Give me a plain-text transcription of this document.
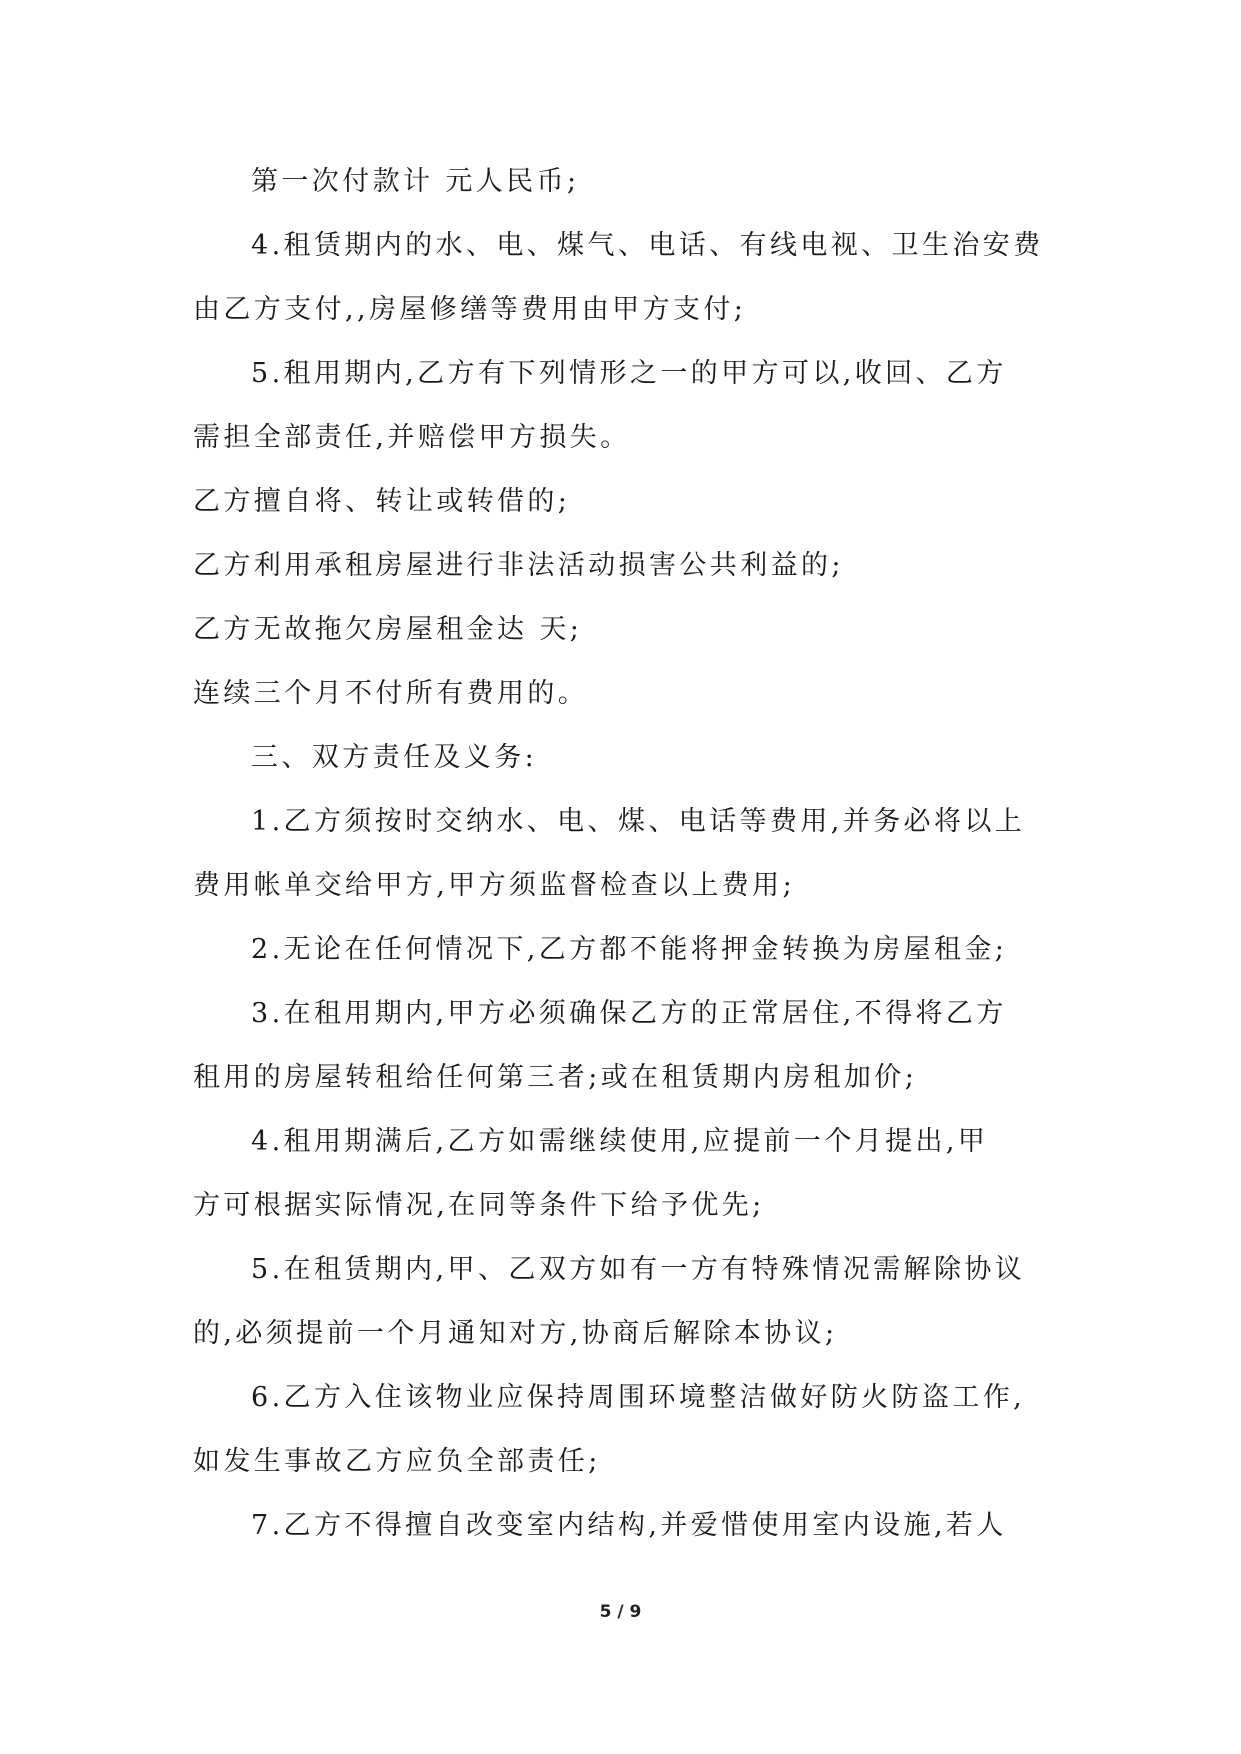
第一次付款计 元人民币;
4.租赁期内的水、电、煤气、电话、有线电视、卫生治安费
由乙方支付,,房屋修缮等费用由甲方支付;
5.租用期内,乙方有下列情形之一的甲方可以,收回、乙方
需担全部责任,并赔偿甲方损失。
乙方擅自将、转让或转借的;
乙方利用承租房屋进行非法活动损害公共利益的;
乙方无故拖欠房屋租金达 天;
连续三个月不付所有费用的。
三、双方责任及义务:
1.乙方须按时交纳水、电、煤、电话等费用,并务必将以上
费用帐单交给甲方,甲方须监督检查以上费用;
2.无论在任何情况下,乙方都不能将押金转换为房屋租金;
3.在租用期内,甲方必须确保乙方的正常居住,不得将乙方
租用的房屋转租给任何第三者;或在租赁期内房租加价;
4.租用期满后,乙方如需继续使用,应提前一个月提出,甲
方可根据实际情况,在同等条件下给予优先;
5.在租赁期内,甲、乙双方如有一方有特殊情况需解除协议
的,必须提前一个月通知对方,协商后解除本协议;
6.乙方入住该物业应保持周围环境整洁做好防火防盗工作,
如发生事故乙方应负全部责任;
7.乙方不得擅自改变室内结构,并爱惜使用室内设施,若人
5 / 9
